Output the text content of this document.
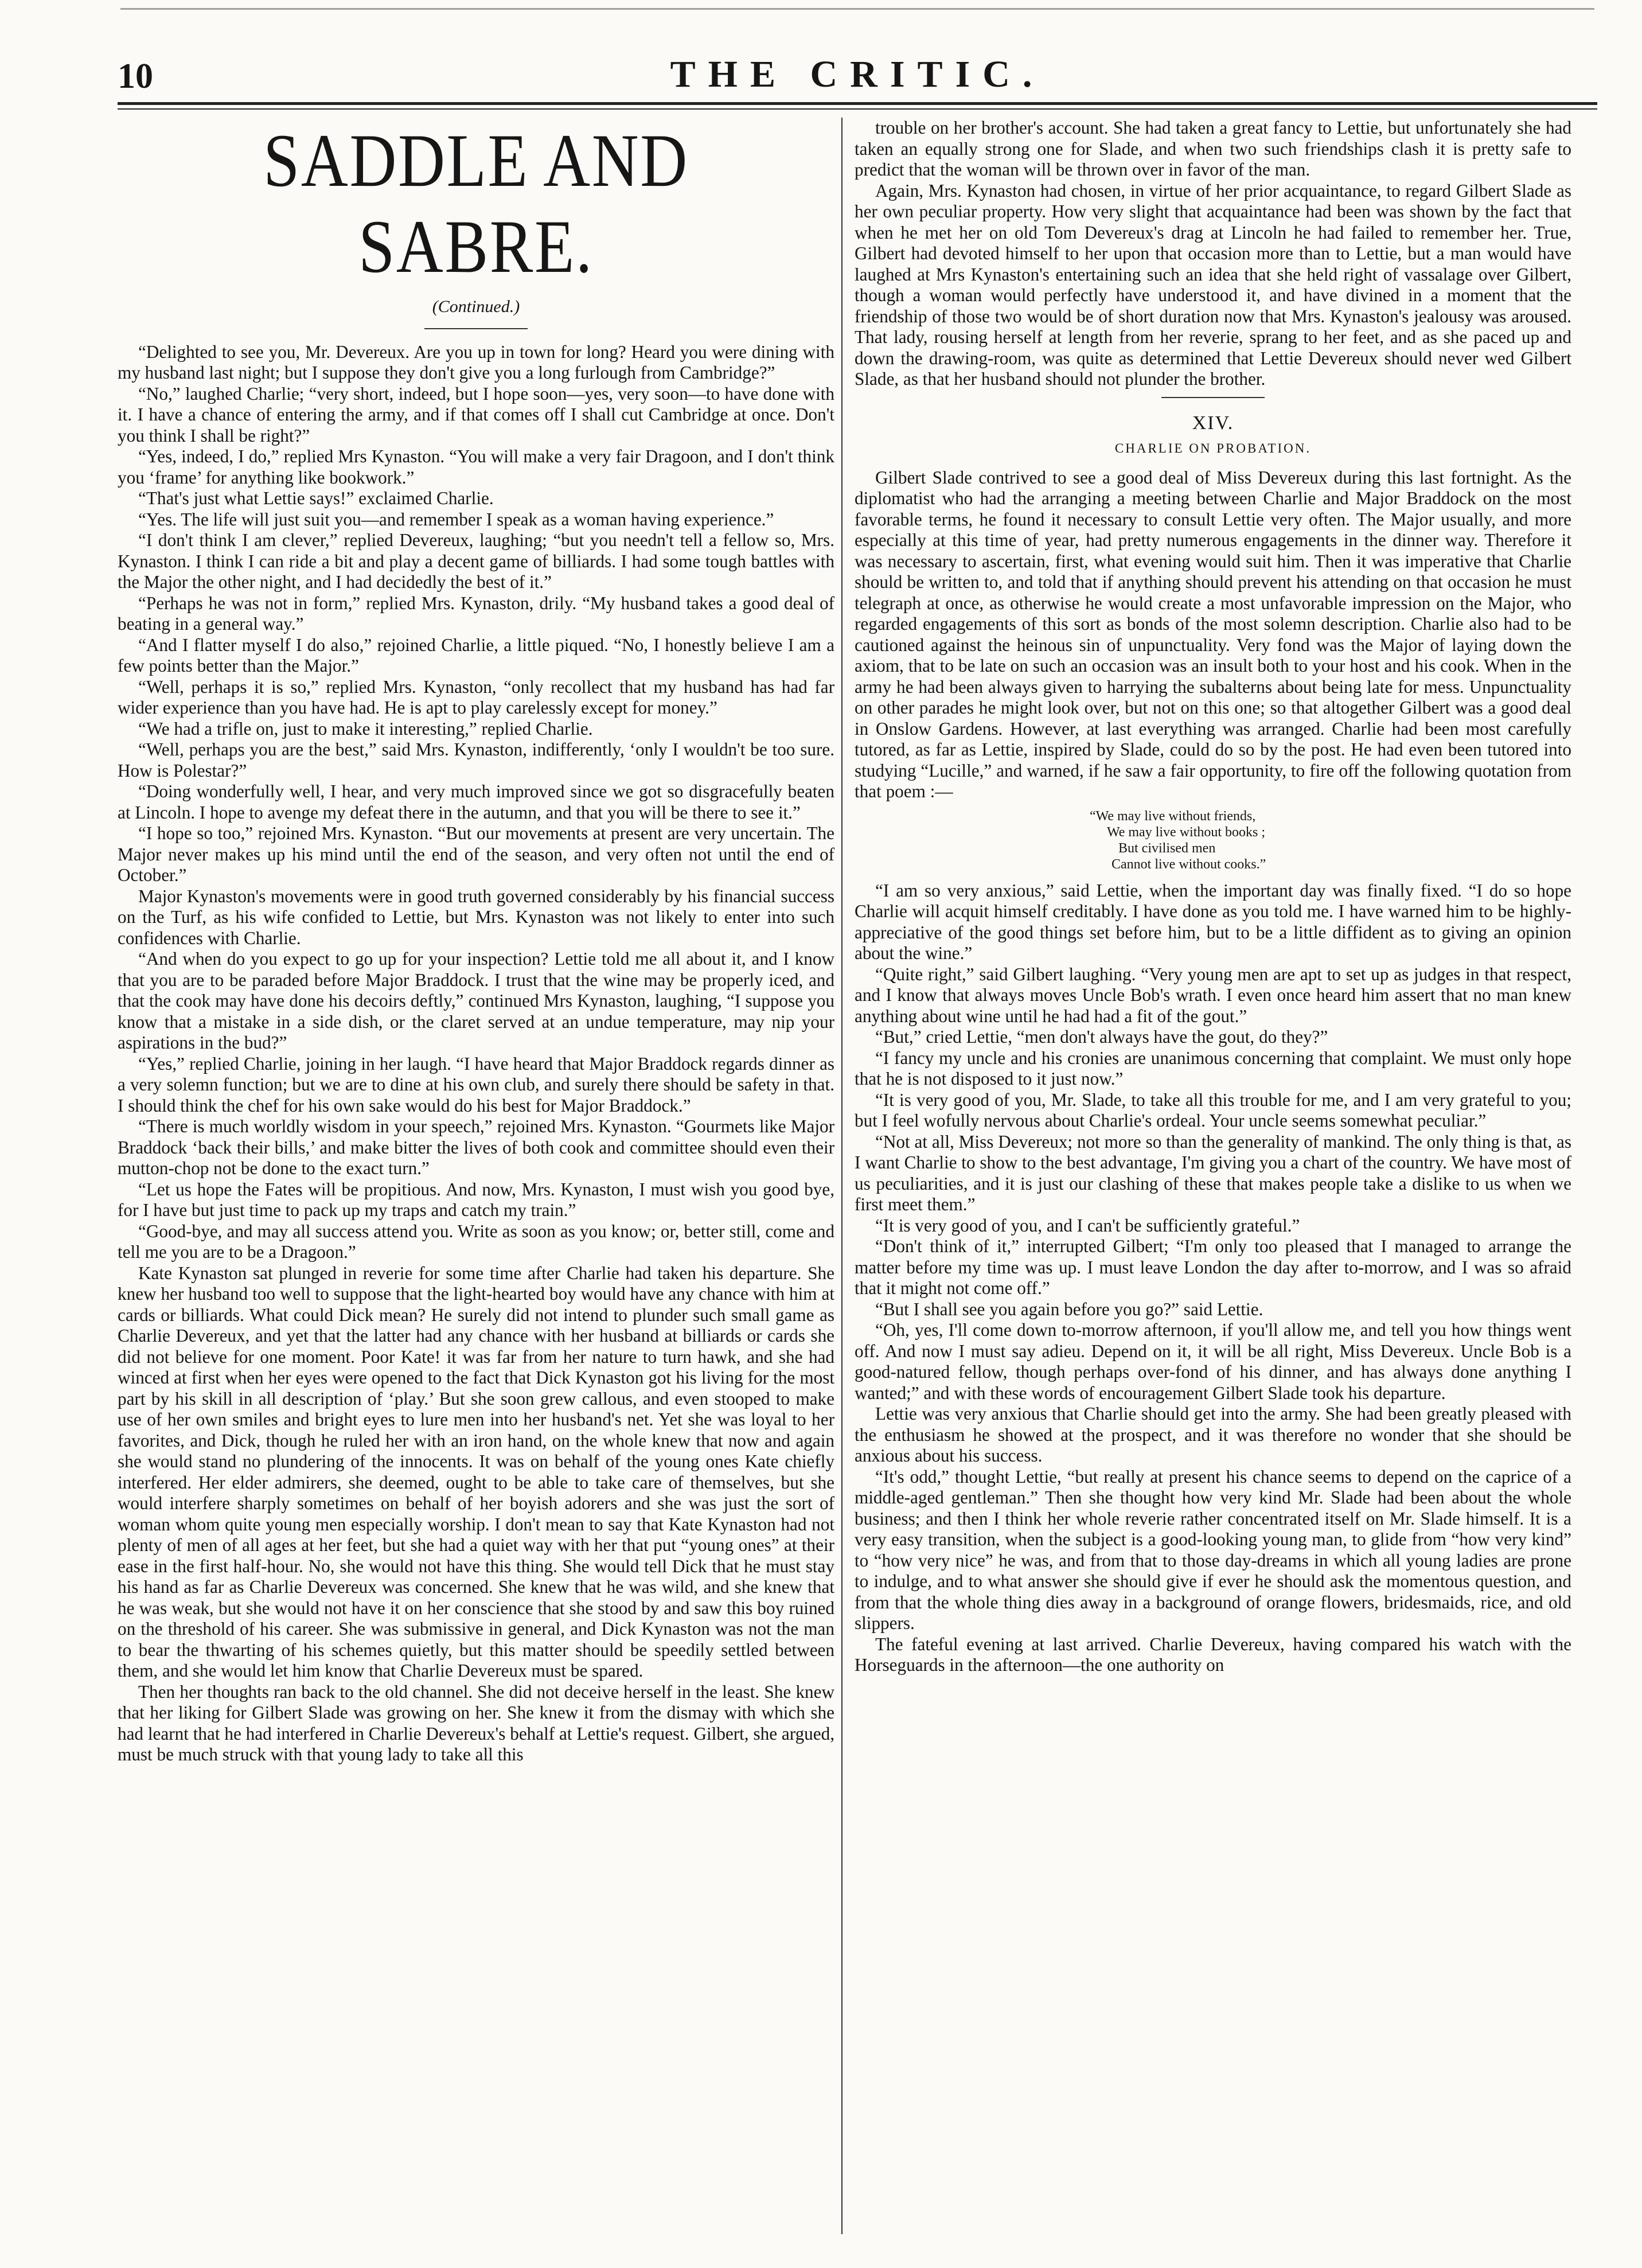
10	THE CRITIC.
SADDLE AND SABRE.
(Continued.)

“Delighted to see you, Mr. Devereux. Are you up in town for long? Heard you were dining with my husband last night; but I suppose they don't give you a long furlough from Cambridge?”

“No,” laughed Charlie; “very short, indeed, but I hope soon—yes, very soon—to have done with it. I have a chance of entering the army, and if that comes off I shall cut Cambridge at once. Don't you think I shall be right?”

“Yes, indeed, I do,” replied Mrs Kynaston. “You will make a very fair Dragoon, and I don't think you ‘frame’ for anything like bookwork.”

“That's just what Lettie says!” exclaimed Charlie.

“Yes. The life will just suit you—and remember I speak as a woman having experience.”

“I don't think I am clever,” replied Devereux, laughing; “but you needn't tell a fellow so, Mrs. Kynaston. I think I can ride a bit and play a decent game of billiards. I had some tough battles with the Major the other night, and I had decidedly the best of it.”

“Perhaps he was not in form,” replied Mrs. Kynaston, drily. “My husband takes a good deal of beating in a general way.”

“And I flatter myself I do also,” rejoined Charlie, a little piqued. “No, I honestly believe I am a few points better than the Major.”

“Well, perhaps it is so,” replied Mrs. Kynaston, “only recollect that my husband has had far wider experience than you have had. He is apt to play carelessly except for money.”

“We had a trifle on, just to make it interesting,” replied Charlie.

“Well, perhaps you are the best,” said Mrs. Kynaston, indifferently, ‘only I wouldn't be too sure. How is Polestar?”

“Doing wonderfully well, I hear, and very much improved since we got so disgracefully beaten at Lincoln. I hope to avenge my defeat there in the autumn, and that you will be there to see it.”

“I hope so too,” rejoined Mrs. Kynaston. “But our movements at present are very uncertain. The Major never makes up his mind until the end of the season, and very often not until the end of October.”

Major Kynaston's movements were in good truth governed considerably by his financial success on the Turf, as his wife confided to Lettie, but Mrs. Kynaston was not likely to enter into such confidences with Charlie.

“And when do you expect to go up for your inspection? Lettie told me all about it, and I know that you are to be paraded before Major Braddock. I trust that the wine may be properly iced, and that the cook may have done his decoirs deftly,” continued Mrs Kynaston, laughing, “I suppose you know that a mistake in a side dish, or the claret served at an undue temperature, may nip your aspirations in the bud?”

“Yes,” replied Charlie, joining in her laugh. “I have heard that Major Braddock regards dinner as a very solemn function; but we are to dine at his own club, and surely there should be safety in that. I should think the chef for his own sake would do his best for Major Braddock.”

“There is much worldly wisdom in your speech,” rejoined Mrs. Kynaston. “Gourmets like Major Braddock ‘back their bills,’ and make bitter the lives of both cook and committee should even their mutton-chop not be done to the exact turn.”

“Let us hope the Fates will be propitious. And now, Mrs. Kynaston, I must wish you good bye, for I have but just time to pack up my traps and catch my train.”

“Good-bye, and may all success attend you. Write as soon as you know; or, better still, come and tell me you are to be a Dragoon.”

Kate Kynaston sat plunged in reverie for some time after Charlie had taken his departure. She knew her husband too well to suppose that the light-hearted boy would have any chance with him at cards or billiards. What could Dick mean? He surely did not intend to plunder such small game as Charlie Devereux, and yet that the latter had any chance with her husband at billiards or cards she did not believe for one moment. Poor Kate! it was far from her nature to turn hawk, and she had winced at first when her eyes were opened to the fact that Dick Kynaston got his living for the most part by his skill in all description of ‘play.’ But she soon grew callous, and even stooped to make use of her own smiles and bright eyes to lure men into her husband's net. Yet she was loyal to her favorites, and Dick, though he ruled her with an iron hand, on the whole knew that now and again she would stand no plundering of the innocents. It was on behalf of the young ones Kate chiefly interfered. Her elder admirers, she deemed, ought to be able to take care of themselves, but she would interfere sharply sometimes on behalf of her boyish adorers and she was just the sort of woman whom quite young men especially worship. I don't mean to say that Kate Kynaston had not plenty of men of all ages at her feet, but she had a quiet way with her that put “young ones” at their ease in the first half-hour. No, she would not have this thing. She would tell Dick that he must stay his hand as far as Charlie Devereux was concerned. She knew that he was wild, and she knew that he was weak, but she would not have it on her conscience that she stood by and saw this boy ruined on the threshold of his career. She was submissive in general, and Dick Kynaston was not the man to bear the thwarting of his schemes quietly, but this matter should be speedily settled between them, and she would let him know that Charlie Devereux must be spared.

Then her thoughts ran back to the old channel. She did not deceive herself in the least. She knew that her liking for Gilbert Slade was growing on her. She knew it from the dismay with which she had learnt that he had interfered in Charlie Devereux's behalf at Lettie's request. Gilbert, she argued, must be much struck with that young lady to take all this

trouble on her brother's account. She had taken a great fancy to Lettie, but unfortunately she had taken an equally strong one for Slade, and when two such friendships clash it is pretty safe to predict that the woman will be thrown over in favor of the man.

Again, Mrs. Kynaston had chosen, in virtue of her prior acquaintance, to regard Gilbert Slade as her own peculiar property. How very slight that acquaintance had been was shown by the fact that when he met her on old Tom Devereux's drag at Lincoln he had failed to remember her. True, Gilbert had devoted himself to her upon that occasion more than to Lettie, but a man would have laughed at Mrs Kynaston's entertaining such an idea that she held right of vassalage over Gilbert, though a woman would perfectly have understood it, and have divined in a moment that the friendship of those two would be of short duration now that Mrs. Kynaston's jealousy was aroused. That lady, rousing herself at length from her reverie, sprang to her feet, and as she paced up and down the drawing-room, was quite as determined that Lettie Devereux should never wed Gilbert Slade, as that her husband should not plunder the brother.

XIV.
CHARLIE ON PROBATION.

Gilbert Slade contrived to see a good deal of Miss Devereux during this last fortnight. As the diplomatist who had the arranging a meeting between Charlie and Major Braddock on the most favorable terms, he found it necessary to consult Lettie very often. The Major usually, and more especially at this time of year, had pretty numerous engagements in the dinner way. Therefore it was necessary to ascertain, first, what evening would suit him. Then it was imperative that Charlie should be written to, and told that if anything should prevent his attending on that occasion he must telegraph at once, as otherwise he would create a most unfavorable impression on the Major, who regarded engagements of this sort as bonds of the most solemn description. Charlie also had to be cautioned against the heinous sin of unpunctuality. Very fond was the Major of laying down the axiom, that to be late on such an occasion was an insult both to your host and his cook. When in the army he had been always given to harrying the subalterns about being late for mess. Unpunctuality on other parades he might look over, but not on this one; so that altogether Gilbert was a good deal in Onslow Gardens. However, at last everything was arranged. Charlie had been most carefully tutored, as far as Lettie, inspired by Slade, could do so by the post. He had even been tutored into studying “Lucille,” and warned, if he saw a fair opportunity, to fire off the following quotation from that poem :—

“We may live without friends,
We may live without books ;
But civilised men
Cannot live without cooks.”

“I am so very anxious,” said Lettie, when the important day was finally fixed. “I do so hope Charlie will acquit himself creditably. I have done as you told me. I have warned him to be highly-appreciative of the good things set before him, but to be a little diffident as to giving an opinion about the wine.”

“Quite right,” said Gilbert laughing. “Very young men are apt to set up as judges in that respect, and I know that always moves Uncle Bob's wrath. I even once heard him assert that no man knew anything about wine until he had had a fit of the gout.”

“But,” cried Lettie, “men don't always have the gout, do they?”

“I fancy my uncle and his cronies are unanimous concerning that complaint. We must only hope that he is not disposed to it just now.”

“It is very good of you, Mr. Slade, to take all this trouble for me, and I am very grateful to you; but I feel wofully nervous about Charlie's ordeal. Your uncle seems somewhat peculiar.”

“Not at all, Miss Devereux; not more so than the generality of mankind. The only thing is that, as I want Charlie to show to the best advantage, I'm giving you a chart of the country. We have most of us peculiarities, and it is just our clashing of these that makes people take a dislike to us when we first meet them.”

“It is very good of you, and I can't be sufficiently grateful.”

“Don't think of it,” interrupted Gilbert; “I'm only too pleased that I managed to arrange the matter before my time was up. I must leave London the day after to-morrow, and I was so afraid that it might not come off.”

“But I shall see you again before you go?” said Lettie.

“Oh, yes, I'll come down to-morrow afternoon, if you'll allow me, and tell you how things went off. And now I must say adieu. Depend on it, it will be all right, Miss Devereux. Uncle Bob is a good-natured fellow, though perhaps over-fond of his dinner, and has always done anything I wanted;” and with these words of encouragement Gilbert Slade took his departure.

Lettie was very anxious that Charlie should get into the army. She had been greatly pleased with the enthusiasm he showed at the prospect, and it was therefore no wonder that she should be anxious about his success.

“It's odd,” thought Lettie, “but really at present his chance seems to depend on the caprice of a middle-aged gentleman.” Then she thought how very kind Mr. Slade had been about the whole business; and then I think her whole reverie rather concentrated itself on Mr. Slade himself. It is a very easy transition, when the subject is a good-looking young man, to glide from “how very kind” to “how very nice” he was, and from that to those day-dreams in which all young ladies are prone to indulge, and to what answer she should give if ever he should ask the momentous question, and from that the whole thing dies away in a background of orange flowers, bridesmaids, rice, and old slippers.

The fateful evening at last arrived. Charlie Devereux, having compared his watch with the Horseguards in the afternoon—the one authority on
